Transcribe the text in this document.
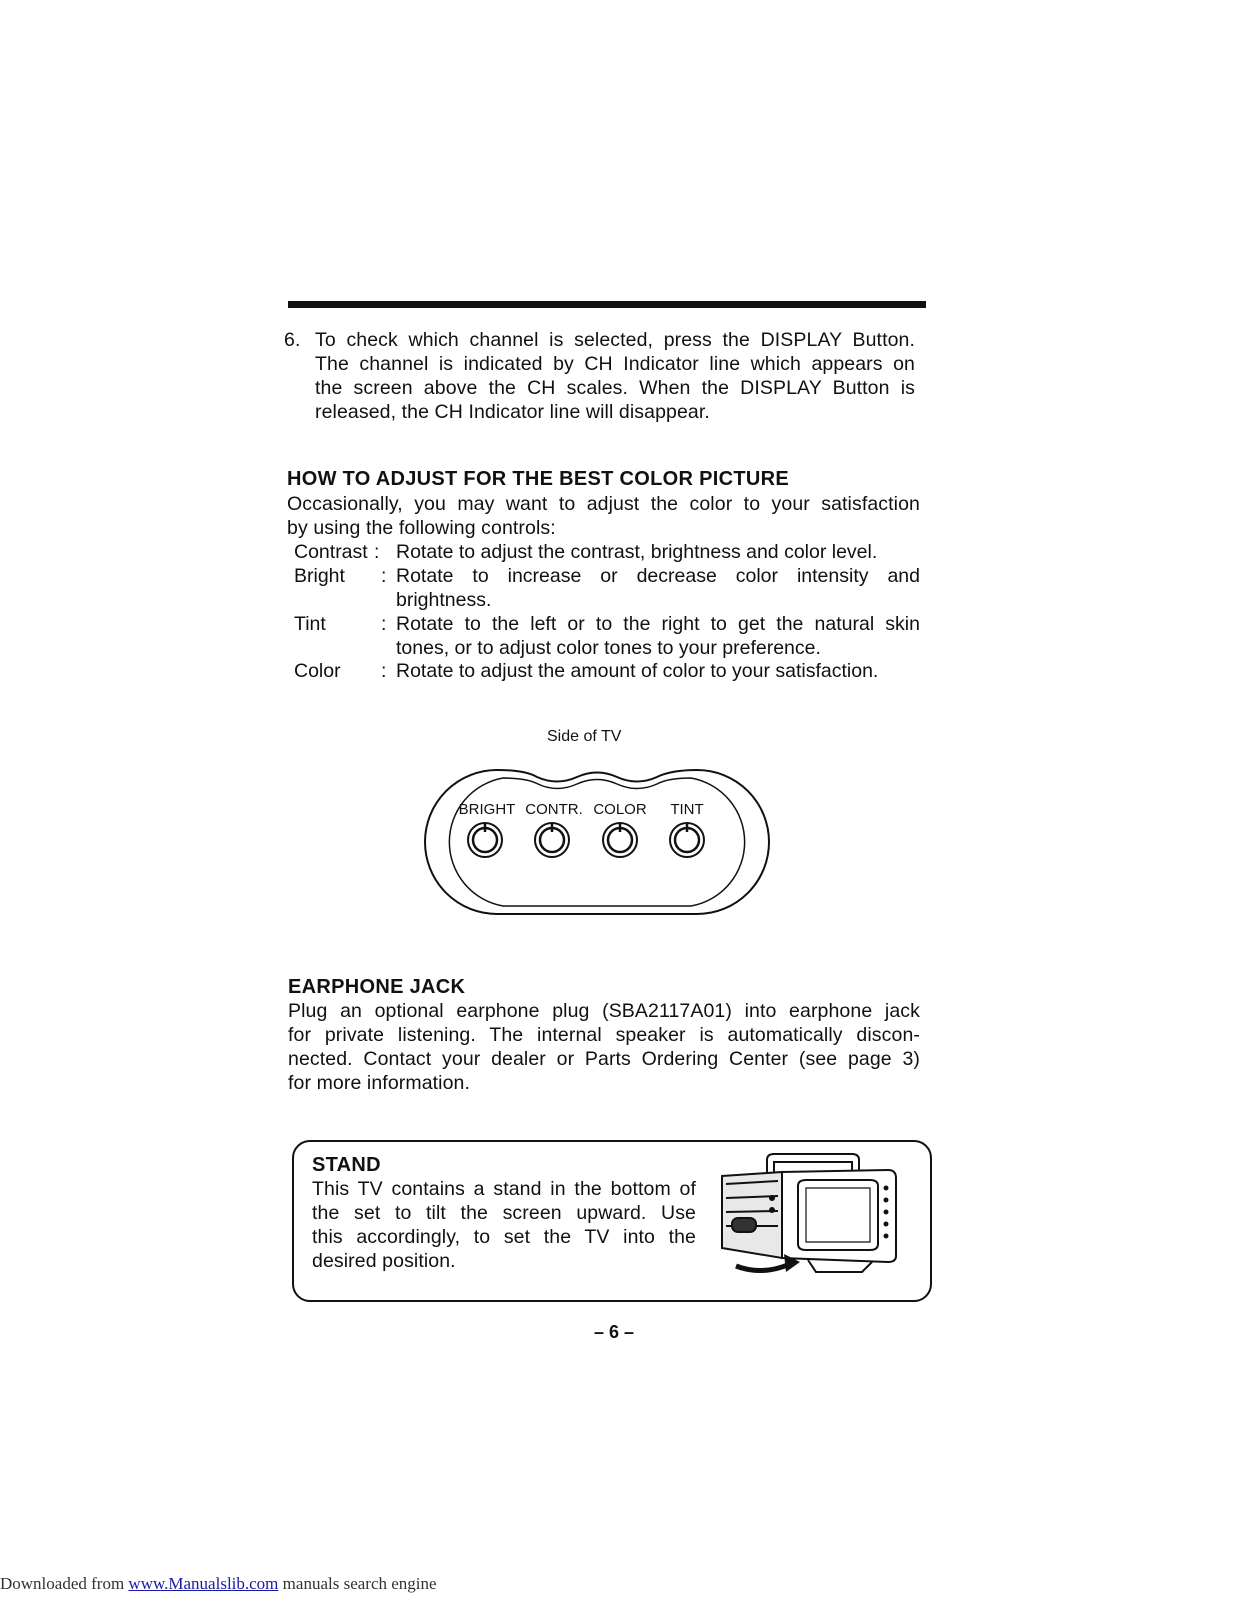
6. To check which channel is selected, press the DISPLAY Button.
The channel is indicated by CH Indicator line which appears on
the screen above the CH scales. When the DISPLAY Button is
released, the CH Indicator line will disappear.
HOW TO ADJUST FOR THE BEST COLOR PICTURE
Occasionally, you may want to adjust the color to your satisfaction
by using the following controls:
Contrast : Rotate to adjust the contrast, brightness and color level.
Bright : Rotate to increase or decrease color intensity and
brightness.
Tint	: Rotate to the left or to the right to get the natural skin
tones, or to adjust color tones to your preference.
Color : Rotate to adjust the amount of color to your satisfaction.
Side of TV
BRIGHT CONTR. COLOR TINT
EARPHONE JACK
Plug an optional earphone plug (SBA2117A01) into earphone jack
for private listening. The internal speaker is automatically discon-
nected. Contact your dealer or Parts Ordering Center (see page 3)
for more information.
STAND
This TV contains a stand in the bottom of
the set to tilt the screen upward. Use
this accordingly, to set the TV into the
desired position.
– 6 –
Downloaded from www.Manualslib.com manuals search engine
